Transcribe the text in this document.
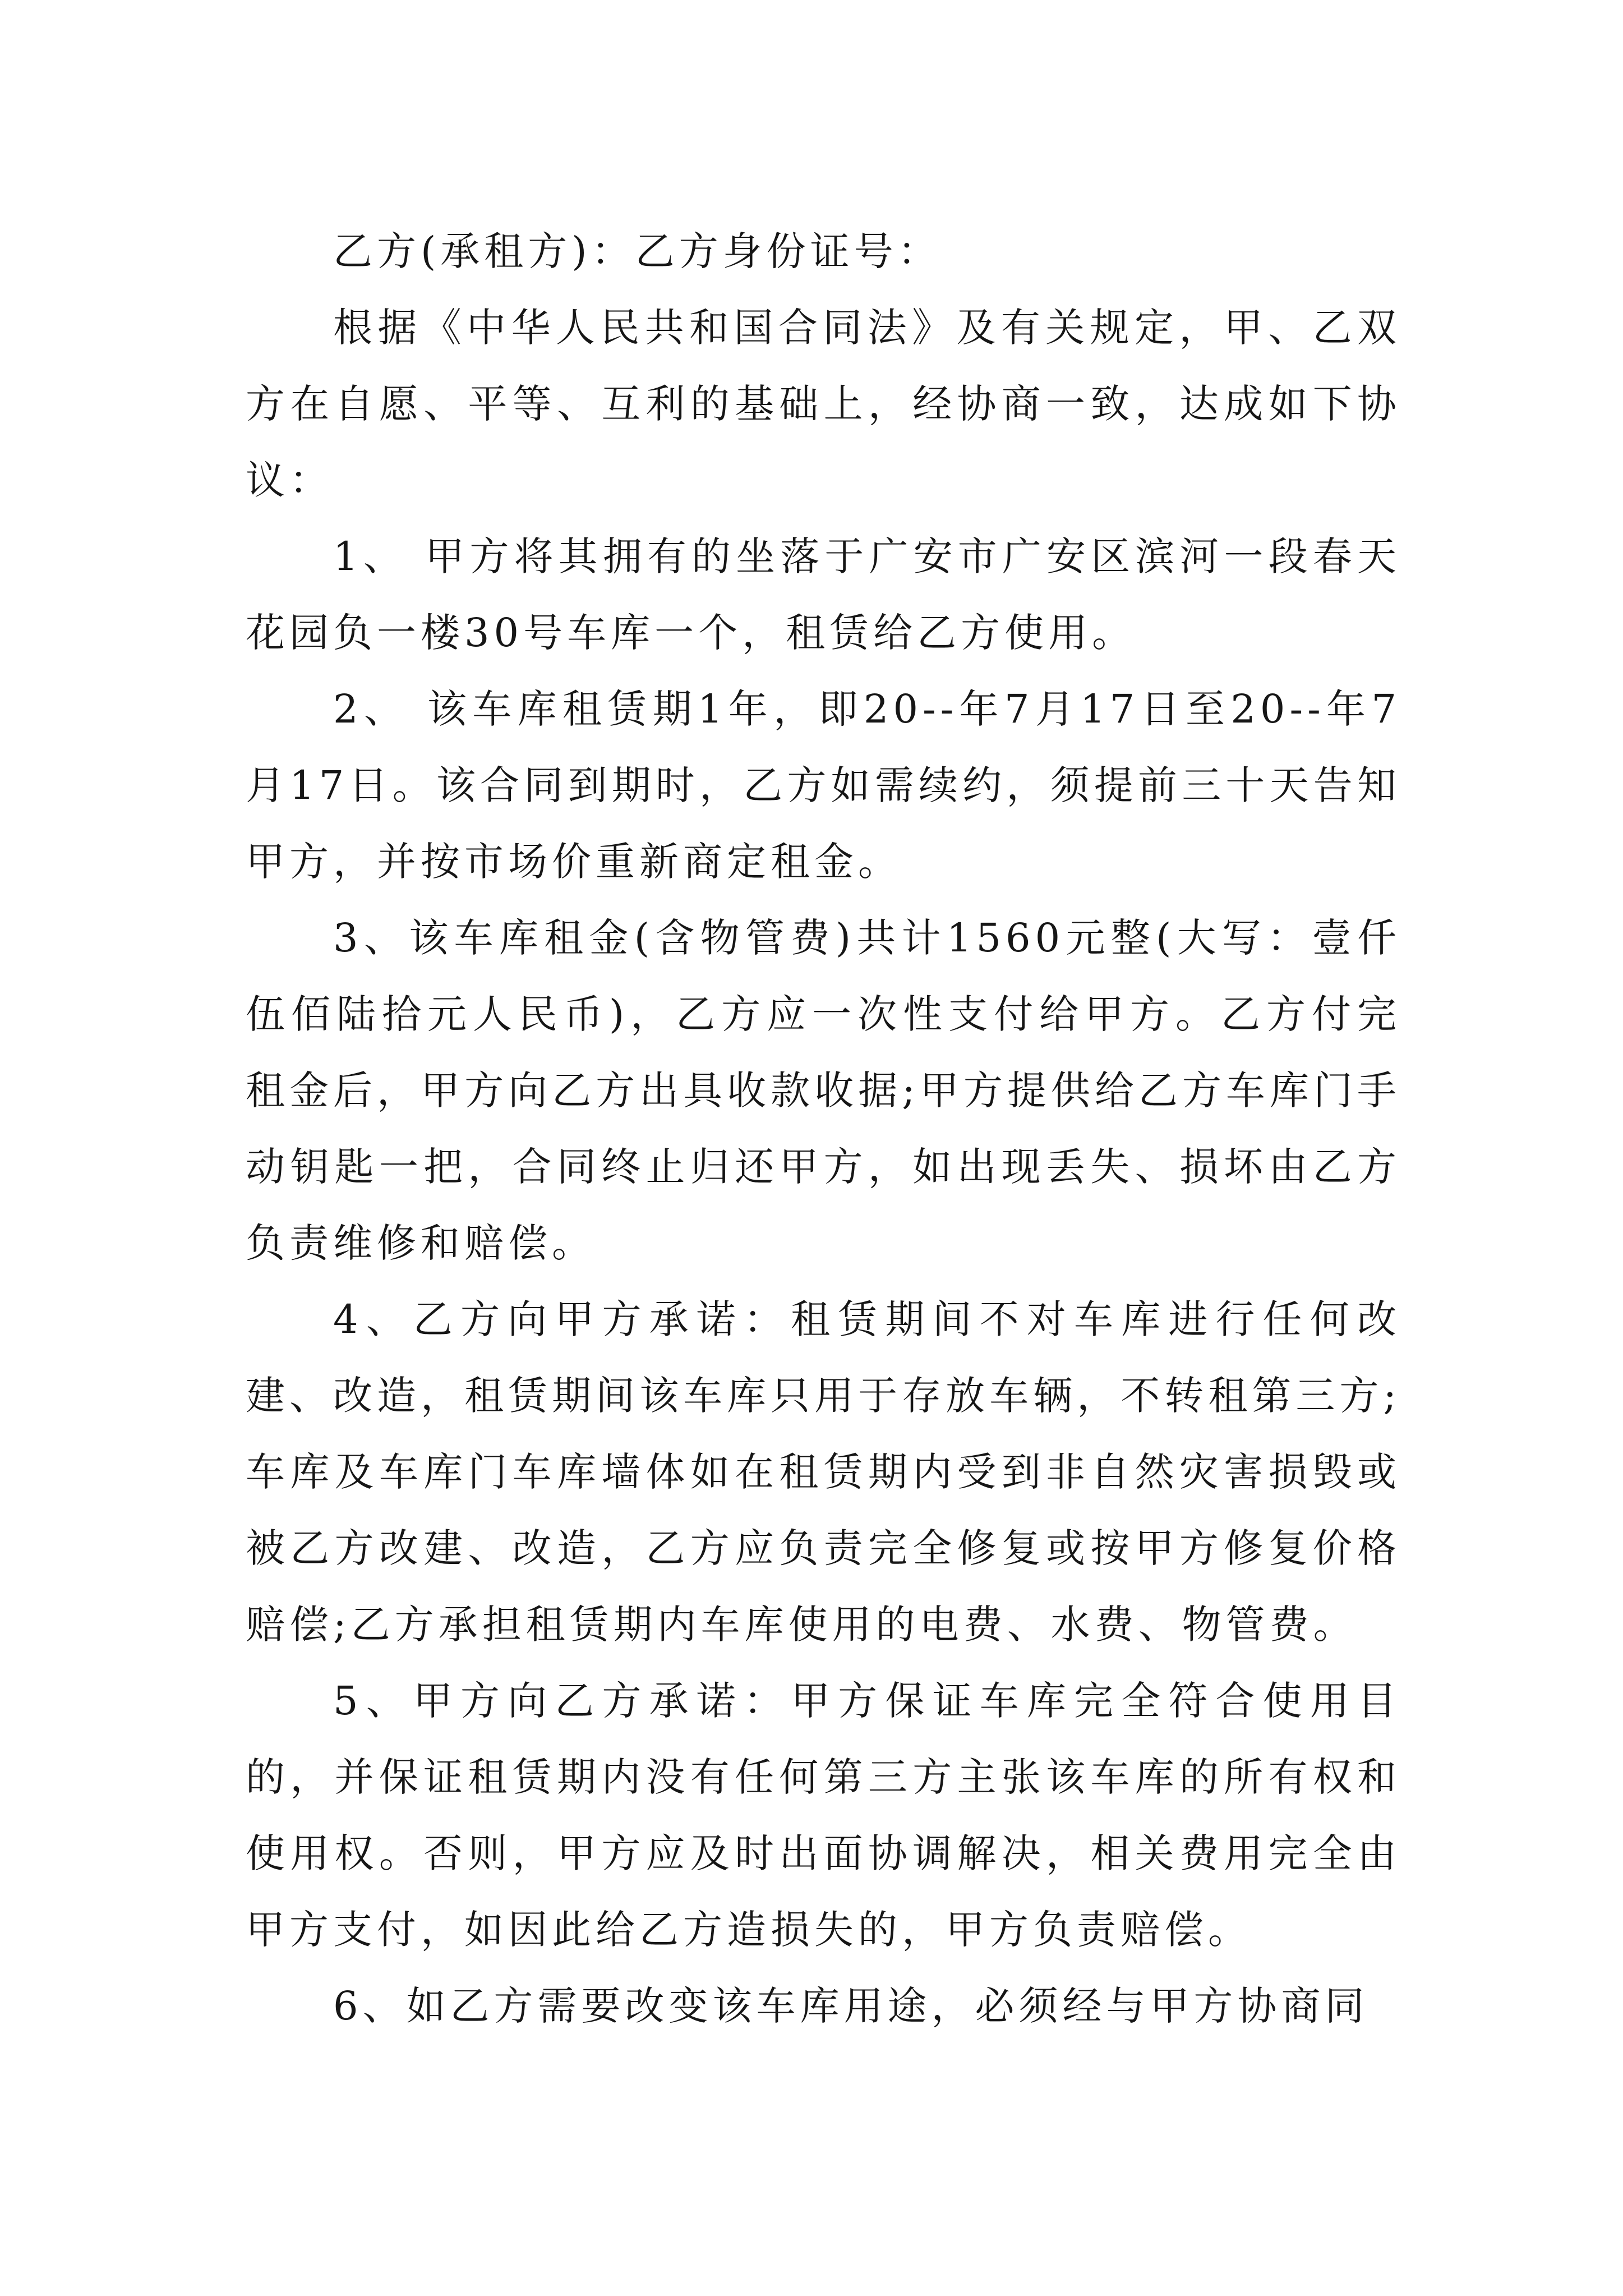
乙方(承租方)：乙方身份证号：

根据《中华人民共和国合同法》及有关规定，甲、乙双方在自愿、平等、互利的基础上，经协商一致，达成如下协议：

1、 甲方将其拥有的坐落于广安市广安区滨河一段春天花园负一楼30号车库一个，租赁给乙方使用。

2、 该车库租赁期1年，即20--年7月17日至20--年7月17日。该合同到期时，乙方如需续约，须提前三十天告知甲方，并按市场价重新商定租金。

3、该车库租金(含物管费)共计1560元整(大写：壹仟伍佰陆拾元人民币)，乙方应一次性支付给甲方。乙方付完租金后，甲方向乙方出具收款收据;甲方提供给乙方车库门手动钥匙一把，合同终止归还甲方，如出现丢失、损坏由乙方负责维修和赔偿。

4、乙方向甲方承诺：租赁期间不对车库进行任何改建、改造，租赁期间该车库只用于存放车辆，不转租第三方;车库及车库门车库墙体如在租赁期内受到非自然灾害损毁或被乙方改建、改造，乙方应负责完全修复或按甲方修复价格赔偿;乙方承担租赁期内车库使用的电费、水费、物管费。

5、甲方向乙方承诺：甲方保证车库完全符合使用目的，并保证租赁期内没有任何第三方主张该车库的所有权和使用权。否则，甲方应及时出面协调解决，相关费用完全由甲方支付，如因此给乙方造损失的，甲方负责赔偿。

6、如乙方需要改变该车库用途，必须经与甲方协商同
